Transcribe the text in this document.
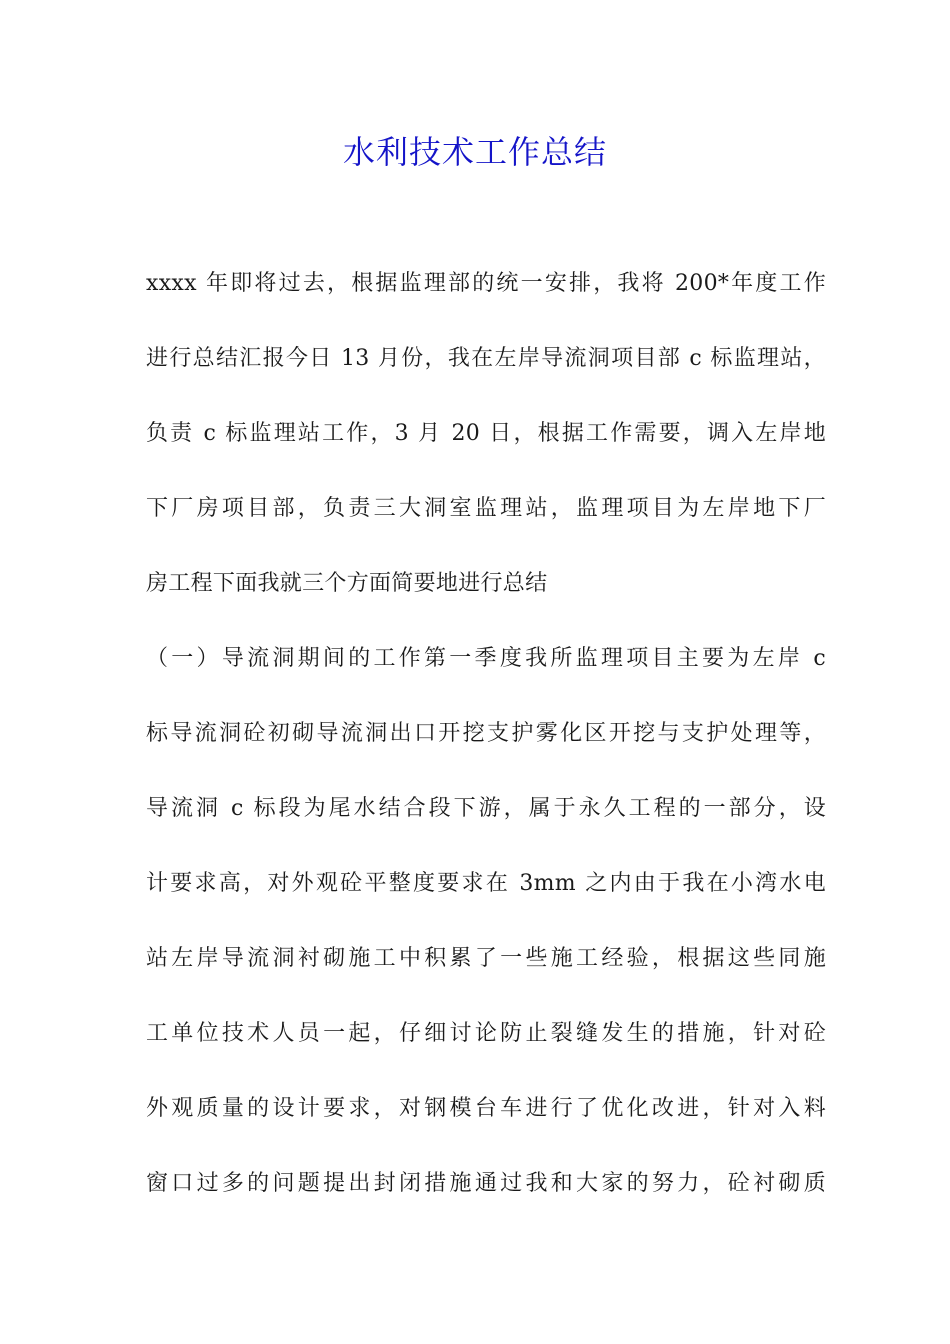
水利技术工作总结
xxxx 年即将过去，根据监理部的统一安排，我将 200*年度工作
进行总结汇报今日 13 月份，我在左岸导流洞项目部 c 标监理站，
负责 c 标监理站工作，3 月 20 日，根据工作需要，调入左岸地
下厂房项目部，负责三大洞室监理站，监理项目为左岸地下厂
房工程下面我就三个方面简要地进行总结
（一）导流洞期间的工作第一季度我所监理项目主要为左岸 c
标导流洞砼初砌导流洞出口开挖支护雾化区开挖与支护处理等，
导流洞 c 标段为尾水结合段下游，属于永久工程的一部分，设
计要求高，对外观砼平整度要求在 3mm 之内由于我在小湾水电
站左岸导流洞衬砌施工中积累了一些施工经验，根据这些同施
工单位技术人员一起，仔细讨论防止裂缝发生的措施，针对砼
外观质量的设计要求，对钢模台车进行了优化改进，针对入料
窗口过多的问题提出封闭措施通过我和大家的努力，砼衬砌质
